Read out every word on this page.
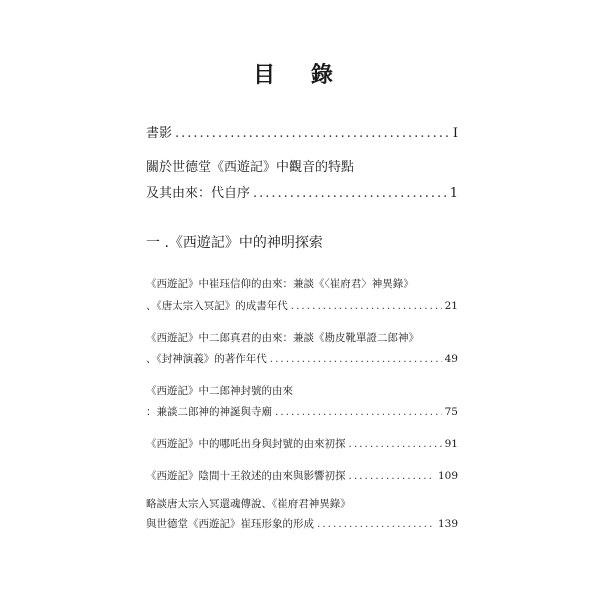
目 錄
書影 .....	I
關於世德堂《西遊記》中觀音的特點
及其由來：代自序 .....	1
一 .《西遊記》中的神明探索
《西遊記》中崔珏信仰的由來：兼談《〈崔府君〉神異錄》
、《唐太宗入冥記》的成書年代 .....	21
《西遊記》中二郎真君的由來：兼談《勘皮靴單證二郎神》
、《封神演義》的著作年代 .....	49
《西遊記》中二郎神封號的由來
：兼談二郎神的神誕與寺廟 .....	75
《西遊記》中的哪吒出身與封號的由來初探 .....	91
《西遊記》陰間十王敘述的由來與影響初探 .....	109
略談唐太宗入冥還魂傳說、《崔府君神異錄》
與世德堂《西遊記》崔珏形象的形成 .....	139
